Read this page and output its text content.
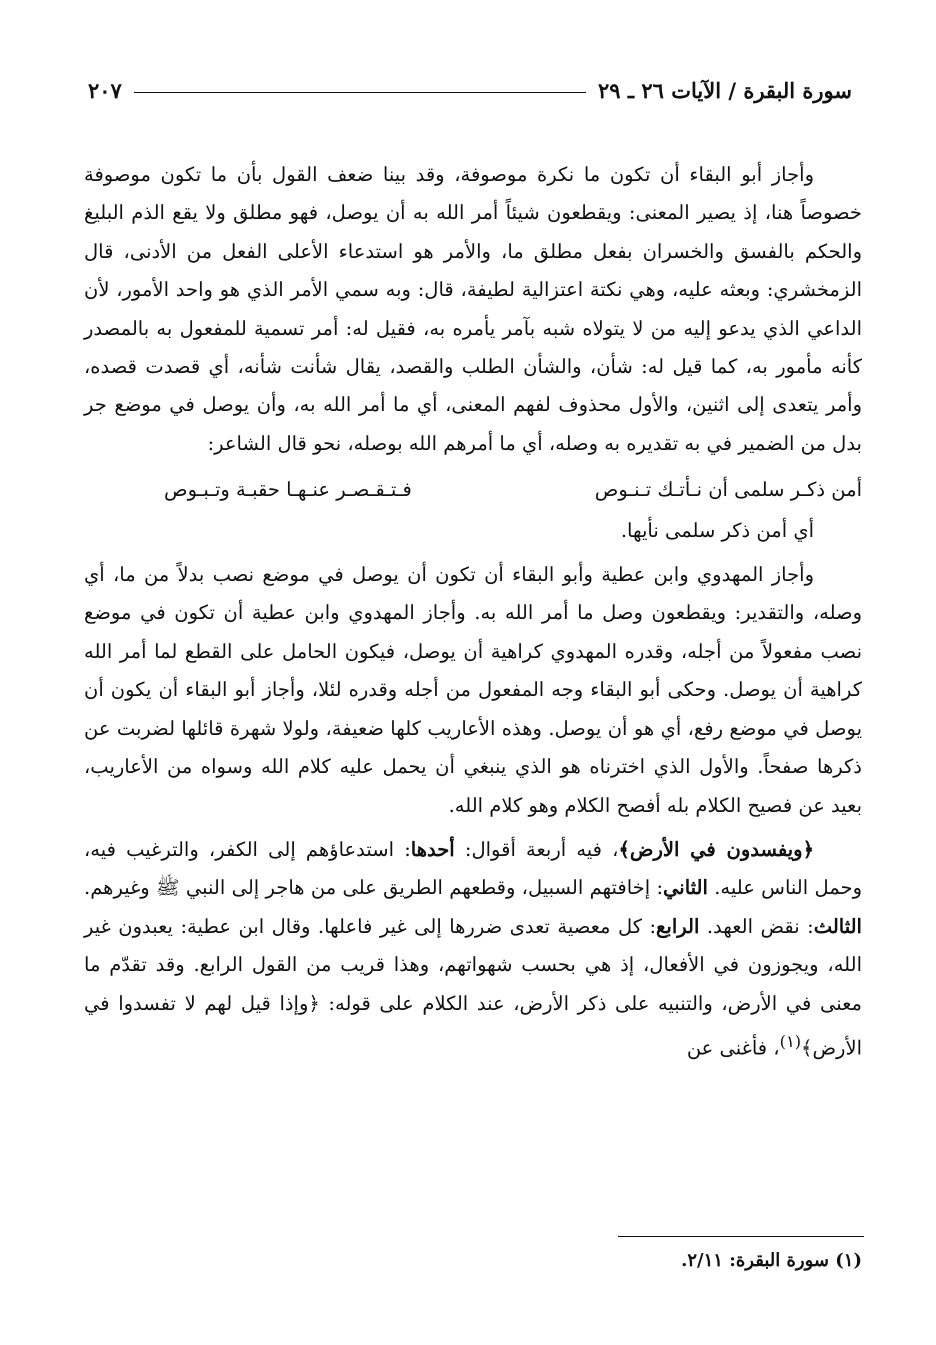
سورة البقرة / الآيات ٢٦ ـ ٢٩
٢٠٧

وأجاز أبو البقاء أن تكون ما نكرة موصوفة، وقد بينا ضعف القول بأن ما تكون موصوفة خصوصاً هنا، إذ يصير المعنى: ويقطعون شيئاً أمر الله به أن يوصل، فهو مطلق ولا يقع الذم البليغ والحكم بالفسق والخسران بفعل مطلق ما، والأمر هو استدعاء الأعلى الفعل من الأدنى، قال الزمخشري: وبعثه عليه، وهي نكتة اعتزالية لطيفة، قال: وبه سمي الأمر الذي هو واحد الأمور، لأن الداعي الذي يدعو إليه من لا يتولاه شبه بآمر يأمره به، فقيل له: أمر تسمية للمفعول به بالمصدر كأنه مأمور به، كما قيل له: شأن، والشأن الطلب والقصد، يقال شأنت شأنه، أي قصدت قصده، وأمر يتعدى إلى اثنين، والأول محذوف لفهم المعنى، أي ما أمر الله به، وأن يوصل في موضع جر بدل من الضمير في به تقديره به وصله، أي ما أمرهم الله بوصله، نحو قال الشاعر:

أمن ذكـر سلمى أن نـأتـك تـنـوص
فـتـقـصـر عنـهـا حقبـة وتـبـوص

أي أمن ذكر سلمى نأيها.

وأجاز المهدوي وابن عطية وأبو البقاء أن تكون أن يوصل في موضع نصب بدلاً من ما، أي وصله، والتقدير: ويقطعون وصل ما أمر الله به. وأجاز المهدوي وابن عطية أن تكون في موضع نصب مفعولاً من أجله، وقدره المهدوي كراهية أن يوصل، فيكون الحامل على القطع لما أمر الله كراهية أن يوصل. وحكى أبو البقاء وجه المفعول من أجله وقدره لئلا، وأجاز أبو البقاء أن يكون أن يوصل في موضع رفع، أي هو أن يوصل. وهذه الأعاريب كلها ضعيفة، ولولا شهرة قائلها لضربت عن ذكرها صفحاً. والأول الذي اخترناه هو الذي ينبغي أن يحمل عليه كلام الله وسواه من الأعاريب، بعيد عن فصيح الكلام بله أفصح الكلام وهو كلام الله.

﴿ويفسدون في الأرض﴾، فيه أربعة أقوال: أحدها: استدعاؤهم إلى الكفر، والترغيب فيه، وحمل الناس عليه. الثاني: إخافتهم السبيل، وقطعهم الطريق على من هاجر إلى النبي ﷺ وغيرهم. الثالث: نقض العهد. الرابع: كل معصية تعدى ضررها إلى غير فاعلها. وقال ابن عطية: يعبدون غير الله، ويجوزون في الأفعال، إذ هي بحسب شهواتهم، وهذا قريب من القول الرابع. وقد تقدّم ما معنى في الأرض، والتنبيه على ذكر الأرض، عند الكلام على قوله: ﴿وإذا قيل لهم لا تفسدوا في الأرض﴾$^{(١)}$، فأغنى عن

(١) سورة البقرة: ٢/١١.
